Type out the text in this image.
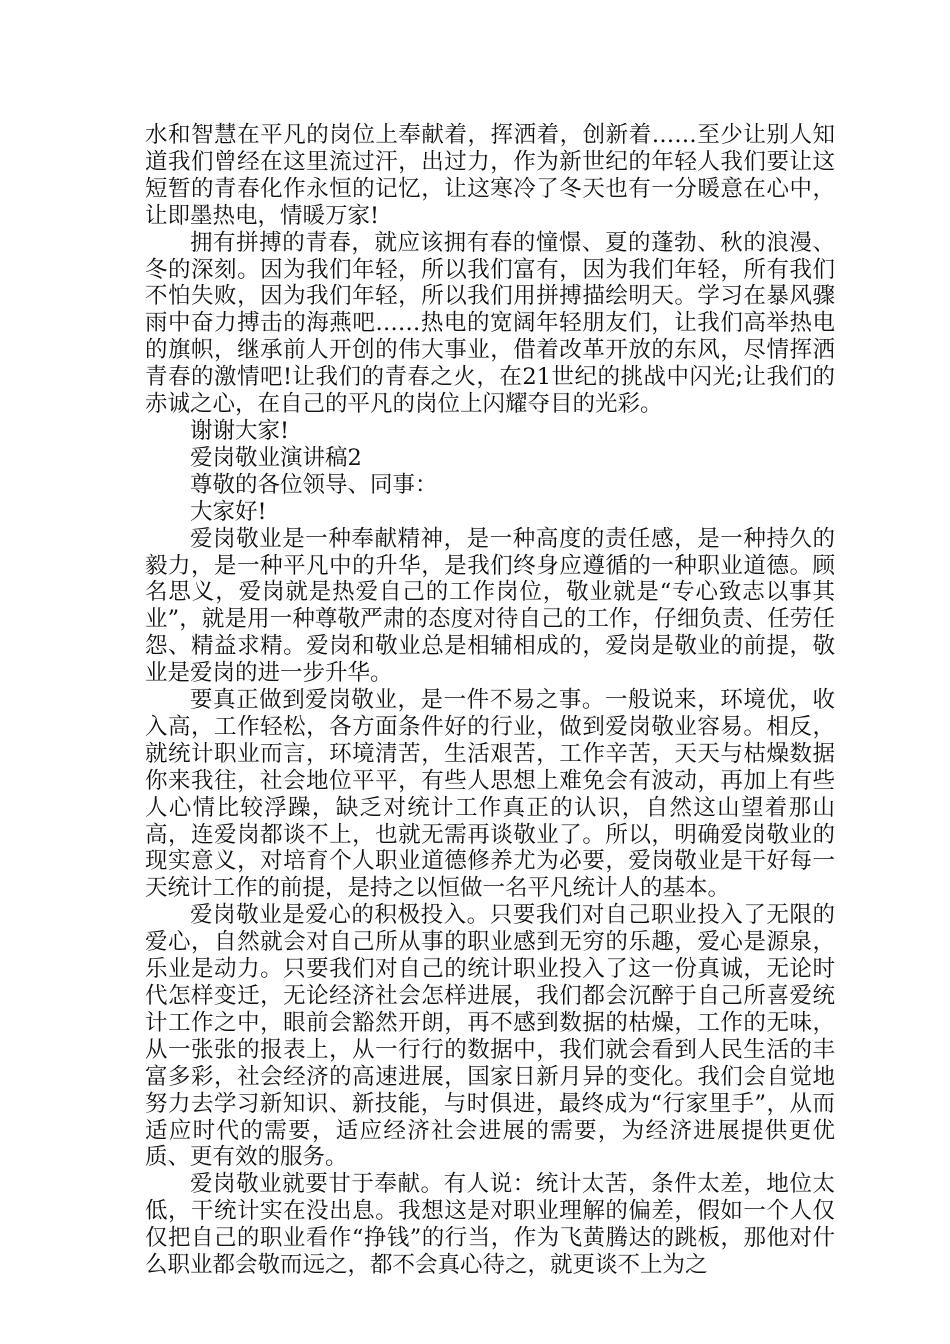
水和智慧在平凡的岗位上奉献着，挥洒着，创新着……至少让别人知道我们曾经在这里流过汗，出过力，作为新世纪的年轻人我们要让这短暂的青春化作永恒的记忆，让这寒冷了冬天也有一分暖意在心中，让即墨热电，情暖万家!

拥有拼搏的青春，就应该拥有春的憧憬、夏的蓬勃、秋的浪漫、冬的深刻。因为我们年轻，所以我们富有，因为我们年轻，所有我们不怕失败，因为我们年轻，所以我们用拼搏描绘明天。学习在暴风骤雨中奋力搏击的海燕吧……热电的宽阔年轻朋友们，让我们高举热电的旗帜，继承前人开创的伟大事业，借着改革开放的东风，尽情挥洒青春的激情吧!让我们的青春之火，在21世纪的挑战中闪光;让我们的赤诚之心，在自己的平凡的岗位上闪耀夺目的光彩。

谢谢大家!

爱岗敬业演讲稿2

尊敬的各位领导、同事：

大家好!

爱岗敬业是一种奉献精神，是一种高度的责任感，是一种持久的毅力，是一种平凡中的升华，是我们终身应遵循的一种职业道德。顾名思义，爱岗就是热爱自己的工作岗位，敬业就是“专心致志以事其业”，就是用一种尊敬严肃的态度对待自己的工作，仔细负责、任劳任怨、精益求精。爱岗和敬业总是相辅相成的，爱岗是敬业的前提，敬业是爱岗的进一步升华。

要真正做到爱岗敬业，是一件不易之事。一般说来，环境优，收入高，工作轻松，各方面条件好的行业，做到爱岗敬业容易。相反，就统计职业而言，环境清苦，生活艰苦，工作辛苦，天天与枯燥数据你来我往，社会地位平平，有些人思想上难免会有波动，再加上有些人心情比较浮躁，缺乏对统计工作真正的认识，自然这山望着那山高，连爱岗都谈不上，也就无需再谈敬业了。所以，明确爱岗敬业的现实意义，对培育个人职业道德修养尤为必要，爱岗敬业是干好每一天统计工作的前提，是持之以恒做一名平凡统计人的基本。

爱岗敬业是爱心的积极投入。只要我们对自己职业投入了无限的爱心，自然就会对自己所从事的职业感到无穷的乐趣，爱心是源泉，乐业是动力。只要我们对自己的统计职业投入了这一份真诚，无论时代怎样变迁，无论经济社会怎样进展，我们都会沉醉于自己所喜爱统计工作之中，眼前会豁然开朗，再不感到数据的枯燥，工作的无味，从一张张的报表上，从一行行的数据中，我们就会看到人民生活的丰富多彩，社会经济的高速进展，国家日新月异的变化。我们会自觉地努力去学习新知识、新技能，与时俱进，最终成为“行家里手”，从而适应时代的需要，适应经济社会进展的需要，为经济进展提供更优质、更有效的服务。

爱岗敬业就要甘于奉献。有人说：统计太苦，条件太差，地位太低，干统计实在没出息。我想这是对职业理解的偏差，假如一个人仅仅把自己的职业看作“挣钱”的行当，作为飞黄腾达的跳板，那他对什么职业都会敬而远之，都不会真心待之，就更谈不上为之
